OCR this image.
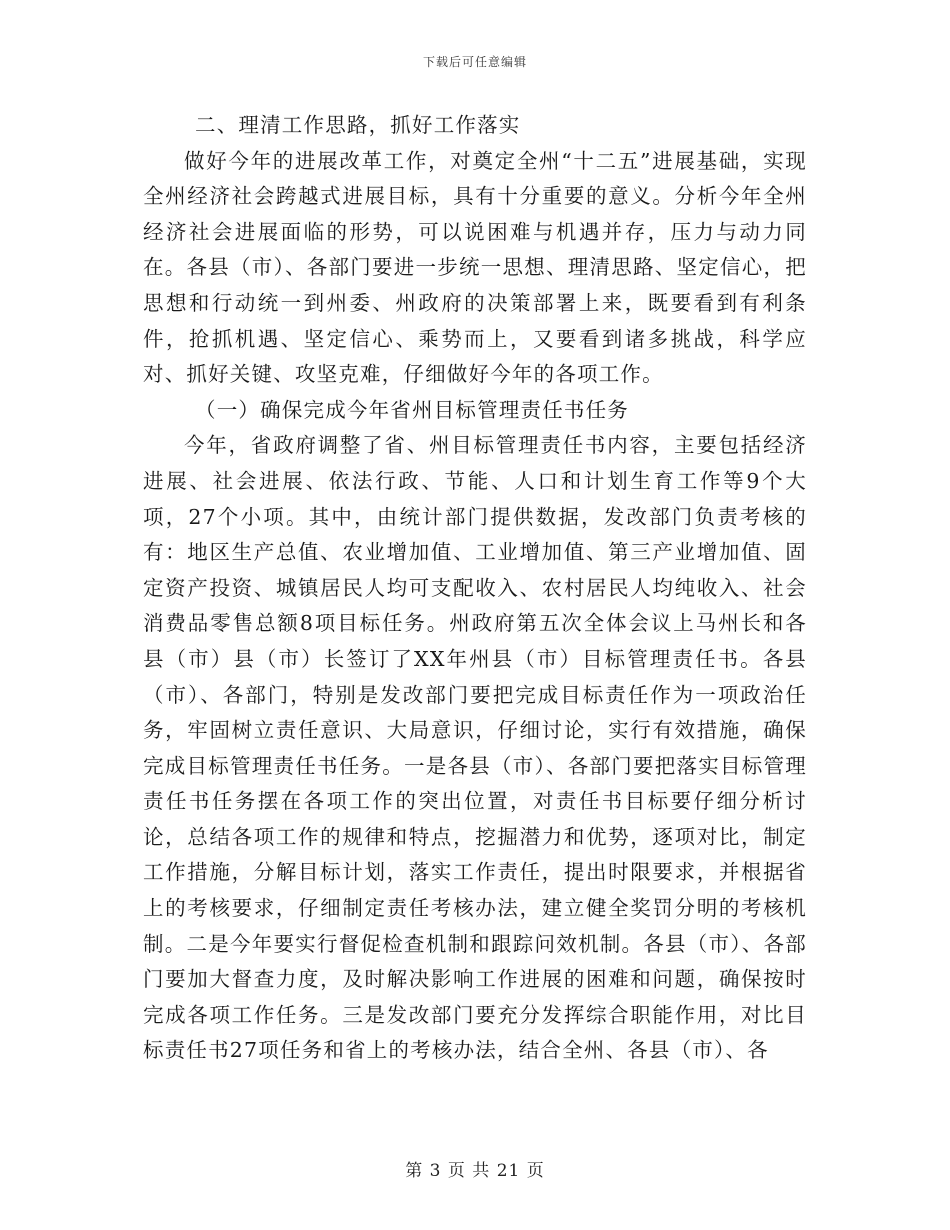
下载后可任意编辑

二、理清工作思路，抓好工作落实

做好今年的进展改革工作，对奠定全州“十二五”进展基础，实现全州经济社会跨越式进展目标，具有十分重要的意义。分析今年全州经济社会进展面临的形势，可以说困难与机遇并存，压力与动力同在。各县（市）、各部门要进一步统一思想、理清思路、坚定信心，把思想和行动统一到州委、州政府的决策部署上来，既要看到有利条件，抢抓机遇、坚定信心、乘势而上，又要看到诸多挑战，科学应对、抓好关键、攻坚克难，仔细做好今年的各项工作。

（一）确保完成今年省州目标管理责任书任务

今年，省政府调整了省、州目标管理责任书内容，主要包括经济进展、社会进展、依法行政、节能、人口和计划生育工作等9个大项，27个小项。其中，由统计部门提供数据，发改部门负责考核的有：地区生产总值、农业增加值、工业增加值、第三产业增加值、固定资产投资、城镇居民人均可支配收入、农村居民人均纯收入、社会消费品零售总额8项目标任务。州政府第五次全体会议上马州长和各县（市）县（市）长签订了XX年州县（市）目标管理责任书。各县（市）、各部门，特别是发改部门要把完成目标责任作为一项政治任务，牢固树立责任意识、大局意识，仔细讨论，实行有效措施，确保完成目标管理责任书任务。一是各县（市）、各部门要把落实目标管理责任书任务摆在各项工作的突出位置，对责任书目标要仔细分析讨论，总结各项工作的规律和特点，挖掘潜力和优势，逐项对比，制定工作措施，分解目标计划，落实工作责任，提出时限要求，并根据省上的考核要求，仔细制定责任考核办法，建立健全奖罚分明的考核机制。二是今年要实行督促检查机制和跟踪问效机制。各县（市）、各部门要加大督查力度，及时解决影响工作进展的困难和问题，确保按时完成各项工作任务。三是发改部门要充分发挥综合职能作用，对比目标责任书27项任务和省上的考核办法，结合全州、各县（市）、各

第 3 页 共 21 页
